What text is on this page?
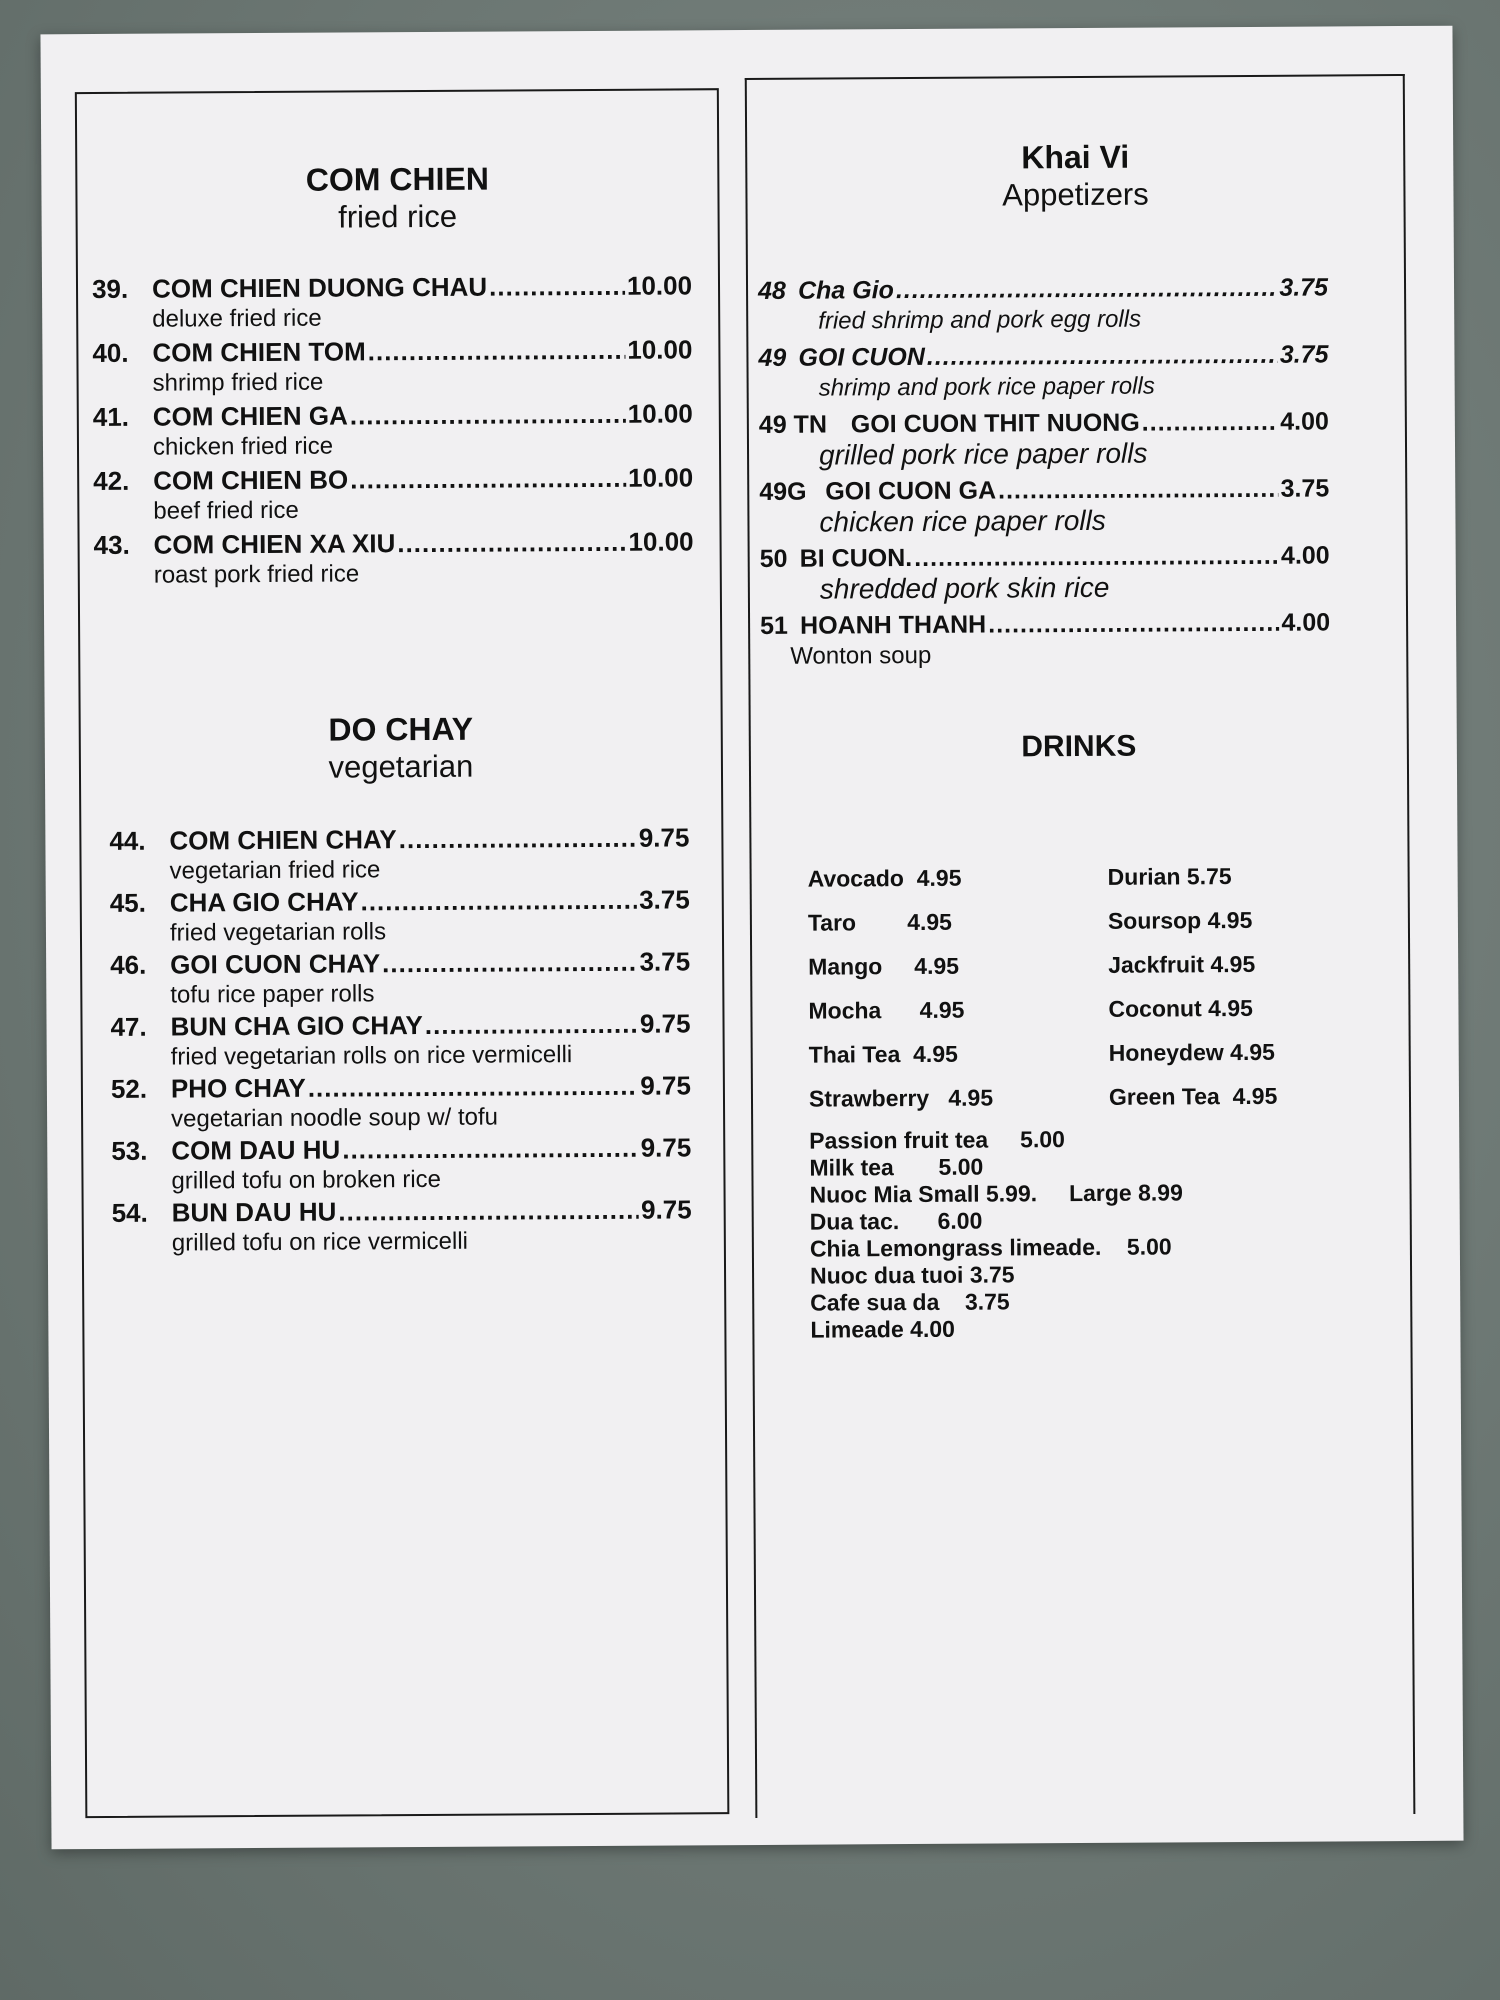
COM CHIEN
fried rice
39. COM CHIEN DUONG CHAU .....	10.00
deluxe fried rice
40. COM CHIEN TOM .....	10.00
shrimp fried rice
41. COM CHIEN GA .....	10.00
chicken fried rice
42. COM CHIEN BO .....	10.00
beef fried rice
43. COM CHIEN XA XIU .....	10.00
roast pork fried rice
DO CHAY
vegetarian
44. COM CHIEN CHAY .....	9.75
vegetarian fried rice
45. CHA GIO CHAY .....	3.75
fried vegetarian rolls
46. GOI CUON CHAY .....	3.75
tofu rice paper rolls
47. BUN CHA GIO CHAY .....	9.75
fried vegetarian rolls on rice vermicelli
52. PHO CHAY .....	9.75
vegetarian noodle soup w/ tofu
53. COM DAU HU .....	9.75
grilled tofu on broken rice
54. BUN DAU HU .....	9.75
grilled tofu on rice vermicelli
Khai Vi
Appetizers
48 Cha Gio .....	3.75
fried shrimp and pork egg rolls
49 GOI CUON .....	3.75
shrimp and pork rice paper rolls
49 TN GOI CUON THIT NUONG .....	4.00
grilled pork rice paper rolls
49G GOI CUON GA .....	3.75
chicken rice paper rolls
50 BI CUON. .....	4.00
shredded pork skin rice
51 HOANH THANH .....	4.00
Wonton soup
DRINKS
Avocado  4.95
Taro        4.95
Mango     4.95
Mocha      4.95
Thai Tea  4.95
Strawberry   4.95
Durian 5.75
Soursop 4.95
Jackfruit 4.95
Coconut 4.95
Honeydew 4.95
Green Tea  4.95
Passion fruit tea     5.00
Milk tea       5.00
Nuoc Mia Small 5.99.     Large 8.99
Dua tac.      6.00
Chia Lemongrass limeade.    5.00
Nuoc dua tuoi 3.75
Cafe sua da    3.75
Limeade 4.00
